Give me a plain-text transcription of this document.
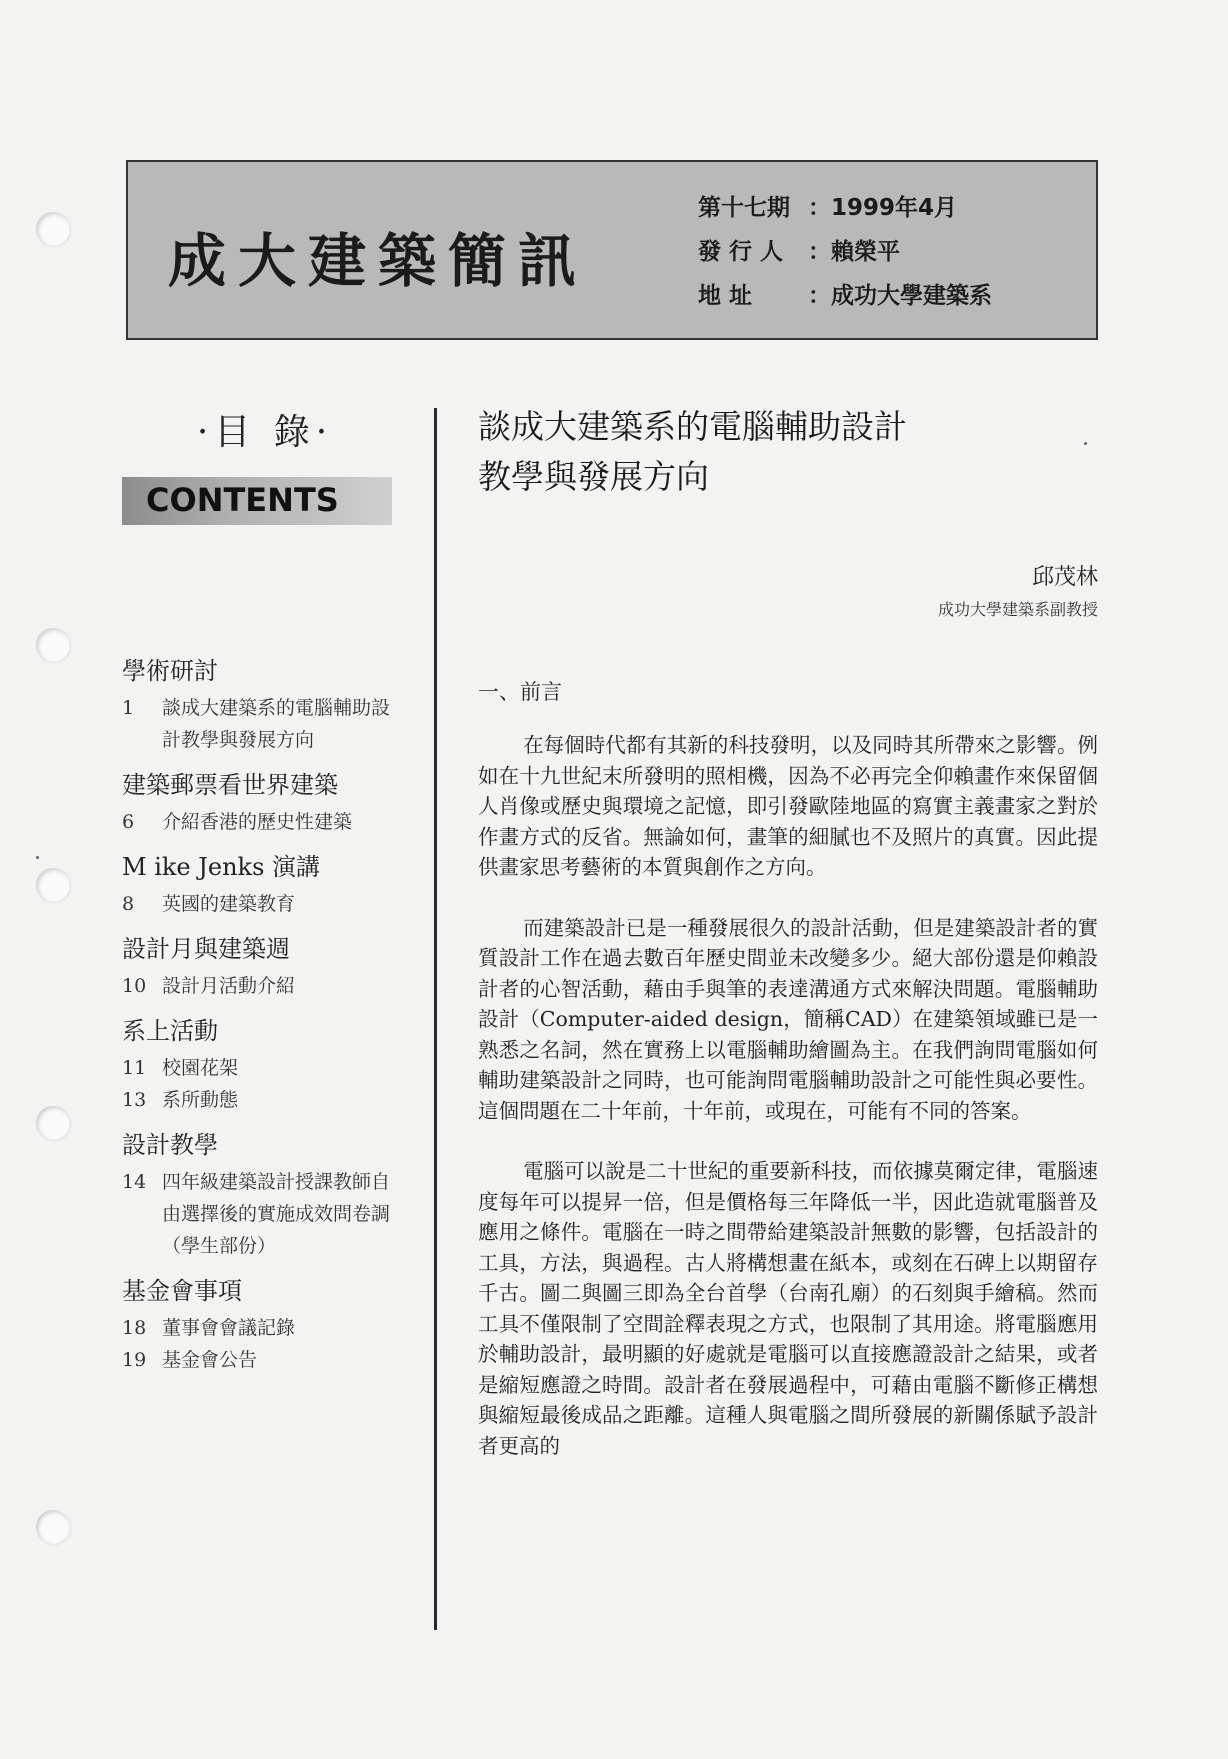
成大建築簡訊
第十七期 ：1999年4月
發 行 人 ：賴榮平
地 址 ：成功大學建築系
·目 錄·
CONTENTS
學術研討
1	談成大建築系的電腦輔助設計教學與發展方向
建築郵票看世界建築
6	介紹香港的歷史性建築
M ike Jenks 演講
8	英國的建築教育
設計月與建築週
10 設計月活動介紹
系上活動
11 校園花架
13 系所動態
設計教學
14 四年級建築設計授課教師自由選擇後的實施成效問卷調（學生部份）
基金會事項
18 董事會會議記錄
19 基金會公告
談成大建築系的電腦輔助設計教學與發展方向
邱茂林
成功大學建築系副教授
一、前言

在每個時代都有其新的科技發明，以及同時其所帶來之影響。例如在十九世紀末所發明的照相機，因為不必再完全仰賴畫作來保留個人肖像或歷史與環境之記憶，即引發歐陸地區的寫實主義畫家之對於作畫方式的反省。無論如何，畫筆的細膩也不及照片的真實。因此提供畫家思考藝術的本質與創作之方向。

而建築設計已是一種發展很久的設計活動，但是建築設計者的實質設計工作在過去數百年歷史間並未改變多少。絕大部份還是仰賴設計者的心智活動，藉由手與筆的表達溝通方式來解決問題。電腦輔助設計（Computer-aided design，簡稱CAD）在建築領域雖已是一熟悉之名詞，然在實務上以電腦輔助繪圖為主。在我們詢問電腦如何輔助建築設計之同時，也可能詢問電腦輔助設計之可能性與必要性。這個問題在二十年前，十年前，或現在，可能有不同的答案。

電腦可以說是二十世紀的重要新科技，而依據莫爾定律，電腦速度每年可以提昇一倍，但是價格每三年降低一半，因此造就電腦普及應用之條件。電腦在一時之間帶給建築設計無數的影響，包括設計的工具，方法，與過程。古人將構想畫在紙本，或刻在石碑上以期留存千古。圖二與圖三即為全台首學（台南孔廟）的石刻與手繪稿。然而工具不僅限制了空間詮釋表現之方式，也限制了其用途。將電腦應用於輔助設計，最明顯的好處就是電腦可以直接應證設計之結果，或者是縮短應證之時間。設計者在發展過程中，可藉由電腦不斷修正構想與縮短最後成品之距離。這種人與電腦之間所發展的新關係賦予設計者更高的
